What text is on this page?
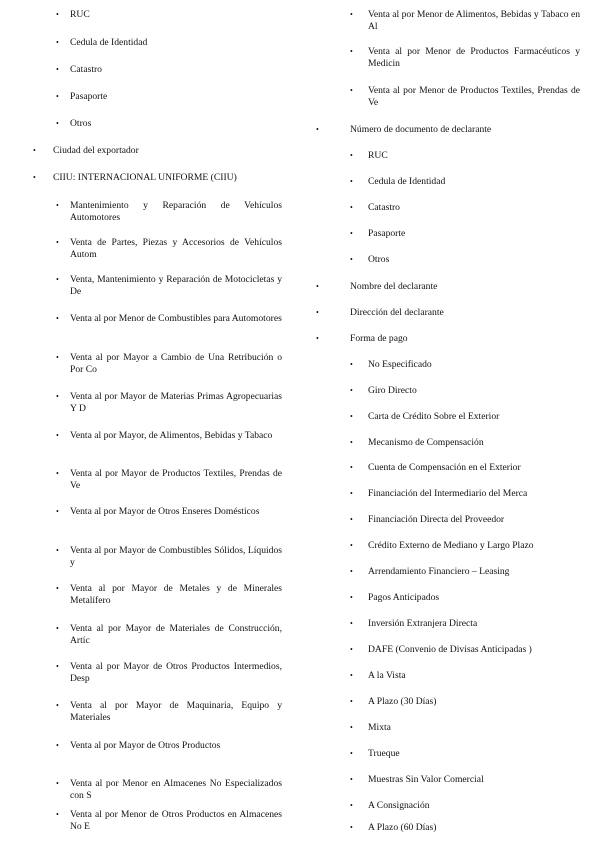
• RUC
• Cedula de Identidad
• Catastro
• Pasaporte
• Otros
• Ciudad del exportador
• CIIU: INTERNACIONAL UNIFORME (CIIU)
• Mantenimiento y Reparación de Vehículos Automotores
• Venta de Partes, Piezas y Accesorios de Vehículos Autom
• Venta, Mantenimiento y Reparación de Motocicletas y De
• Venta al por Menor de Combustibles para Automotores
• Venta al por Mayor a Cambio de Una Retribución o Por Co
• Venta al por Mayor de Materias Primas Agropecuarias Y D
• Venta al por Mayor, de Alimentos, Bebidas y Tabaco
• Venta al por Mayor de Productos Textiles, Prendas de Ve
• Venta al por Mayor de Otros Enseres Domésticos
• Venta al por Mayor de Combustibles Sólidos, Líquidos y
• Venta al por Mayor de Metales y de Minerales Metalífero
• Venta al por Mayor de Materiales de Construcción, Artíc
• Venta al por Mayor de Otros Productos Intermedios, Desp
• Venta al por Mayor de Maquinaria, Equipo y Materiales
• Venta al por Mayor de Otros Productos
• Venta al por Menor en Almacenes No Especializados con S
• Venta al por Menor de Otros Productos en Almacenes No E
• Venta al por Menor de Alimentos, Bebidas y Tabaco en Al
• Venta al por Menor de Productos Farmacéuticos y Medicin
• Venta al por Menor de Productos Textiles, Prendas de Ve
•	Número de documento de declarante
• RUC
• Cedula de Identidad
• Catastro
• Pasaporte
• Otros
•	Nombre del declarante
•	Dirección del declarante
•	Forma de pago
• No Especificado
• Giro Directo
• Carta de Crédito Sobre el Exterior
• Mecanismo de Compensación
• Cuenta de Compensación en el Exterior
• Financiación del Intermediario del Merca
• Financiación Directa del Proveedor
• Crédito Externo de Mediano y Largo Plazo
• Arrendamiento Financiero – Leasing
• Pagos Anticipados
• Inversión Extranjera Directa
• DAFE (Convenio de Divisas Anticipadas )
• A la Vista
• A Plazo (30 Días)
• Mixta
• Trueque
• Muestras Sin Valor Comercial
• A Consignación
• A Plazo (60 Días)
